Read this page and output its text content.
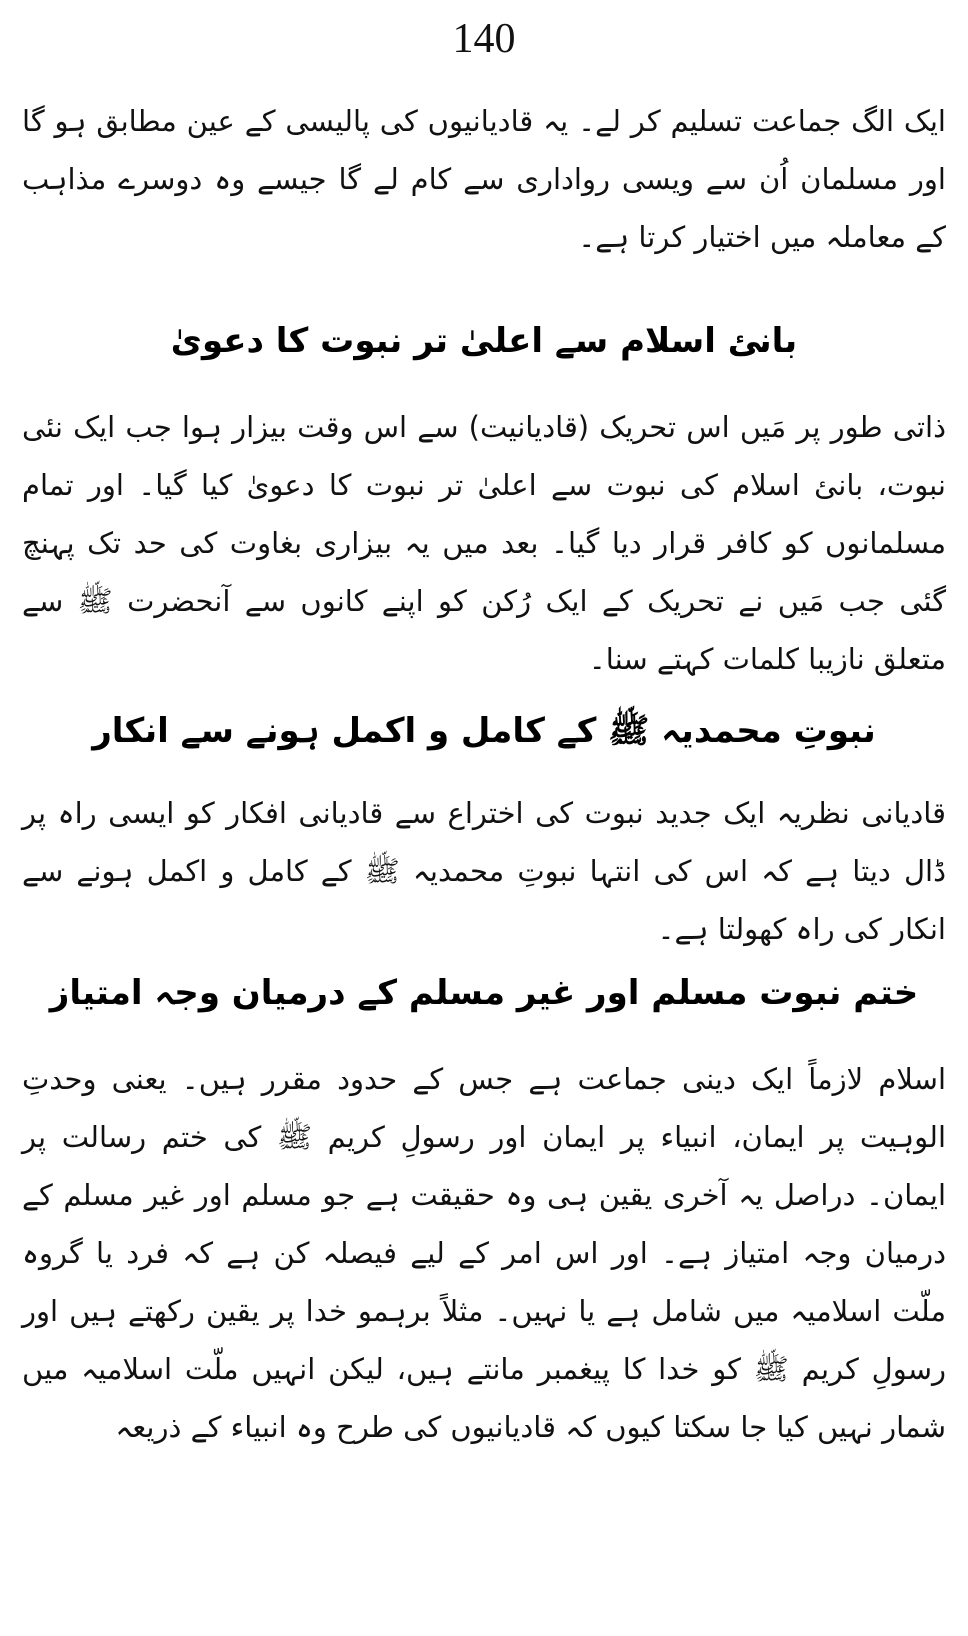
140

ایک الگ جماعت تسلیم کر لے۔ یہ قادیانیوں کی پالیسی کے عین مطابق ہو گا اور مسلمان اُن سے ویسی رواداری سے کام لے گا جیسے وہ دوسرے مذاہب کے معاملہ میں اختیار کرتا ہے۔

بانئ اسلام سے اعلیٰ تر نبوت کا دعویٰ

ذاتی طور پر مَیں اس تحریک (قادیانیت) سے اس وقت بیزار ہوا جب ایک نئی نبوت، بانئ اسلام کی نبوت سے اعلیٰ تر نبوت کا دعویٰ کیا گیا۔ اور تمام مسلمانوں کو کافر قرار دیا گیا۔ بعد میں یہ بیزاری بغاوت کی حد تک پہنچ گئی جب مَیں نے تحریک کے ایک رُکن کو اپنے کانوں سے آنحضرت ﷺ سے متعلق نازیبا کلمات کہتے سنا۔

نبوتِ محمدیہ ﷺ کے کامل و اکمل ہونے سے انکار

قادیانی نظریہ ایک جدید نبوت کی اختراع سے قادیانی افکار کو ایسی راہ پر ڈال دیتا ہے کہ اس کی انتہا نبوتِ محمدیہ ﷺ کے کامل و اکمل ہونے سے انکار کی راہ کھولتا ہے۔

ختم نبوت مسلم اور غیر مسلم کے درمیان وجہ امتیاز

اسلام لازماً ایک دینی جماعت ہے جس کے حدود مقرر ہیں۔ یعنی وحدتِ الوہیت پر ایمان، انبیاء پر ایمان اور رسولِ کریم ﷺ کی ختم رسالت پر ایمان۔ دراصل یہ آخری یقین ہی وہ حقیقت ہے جو مسلم اور غیر مسلم کے درمیان وجہ امتیاز ہے۔ اور اس امر کے لیے فیصلہ کن ہے کہ فرد یا گروہ ملّت اسلامیہ میں شامل ہے یا نہیں۔ مثلاً برہمو خدا پر یقین رکھتے ہیں اور رسولِ کریم ﷺ کو خدا کا پیغمبر مانتے ہیں، لیکن انہیں ملّت اسلامیہ میں شمار نہیں کیا جا سکتا کیوں کہ قادیانیوں کی طرح وہ انبیاء کے ذریعہ
